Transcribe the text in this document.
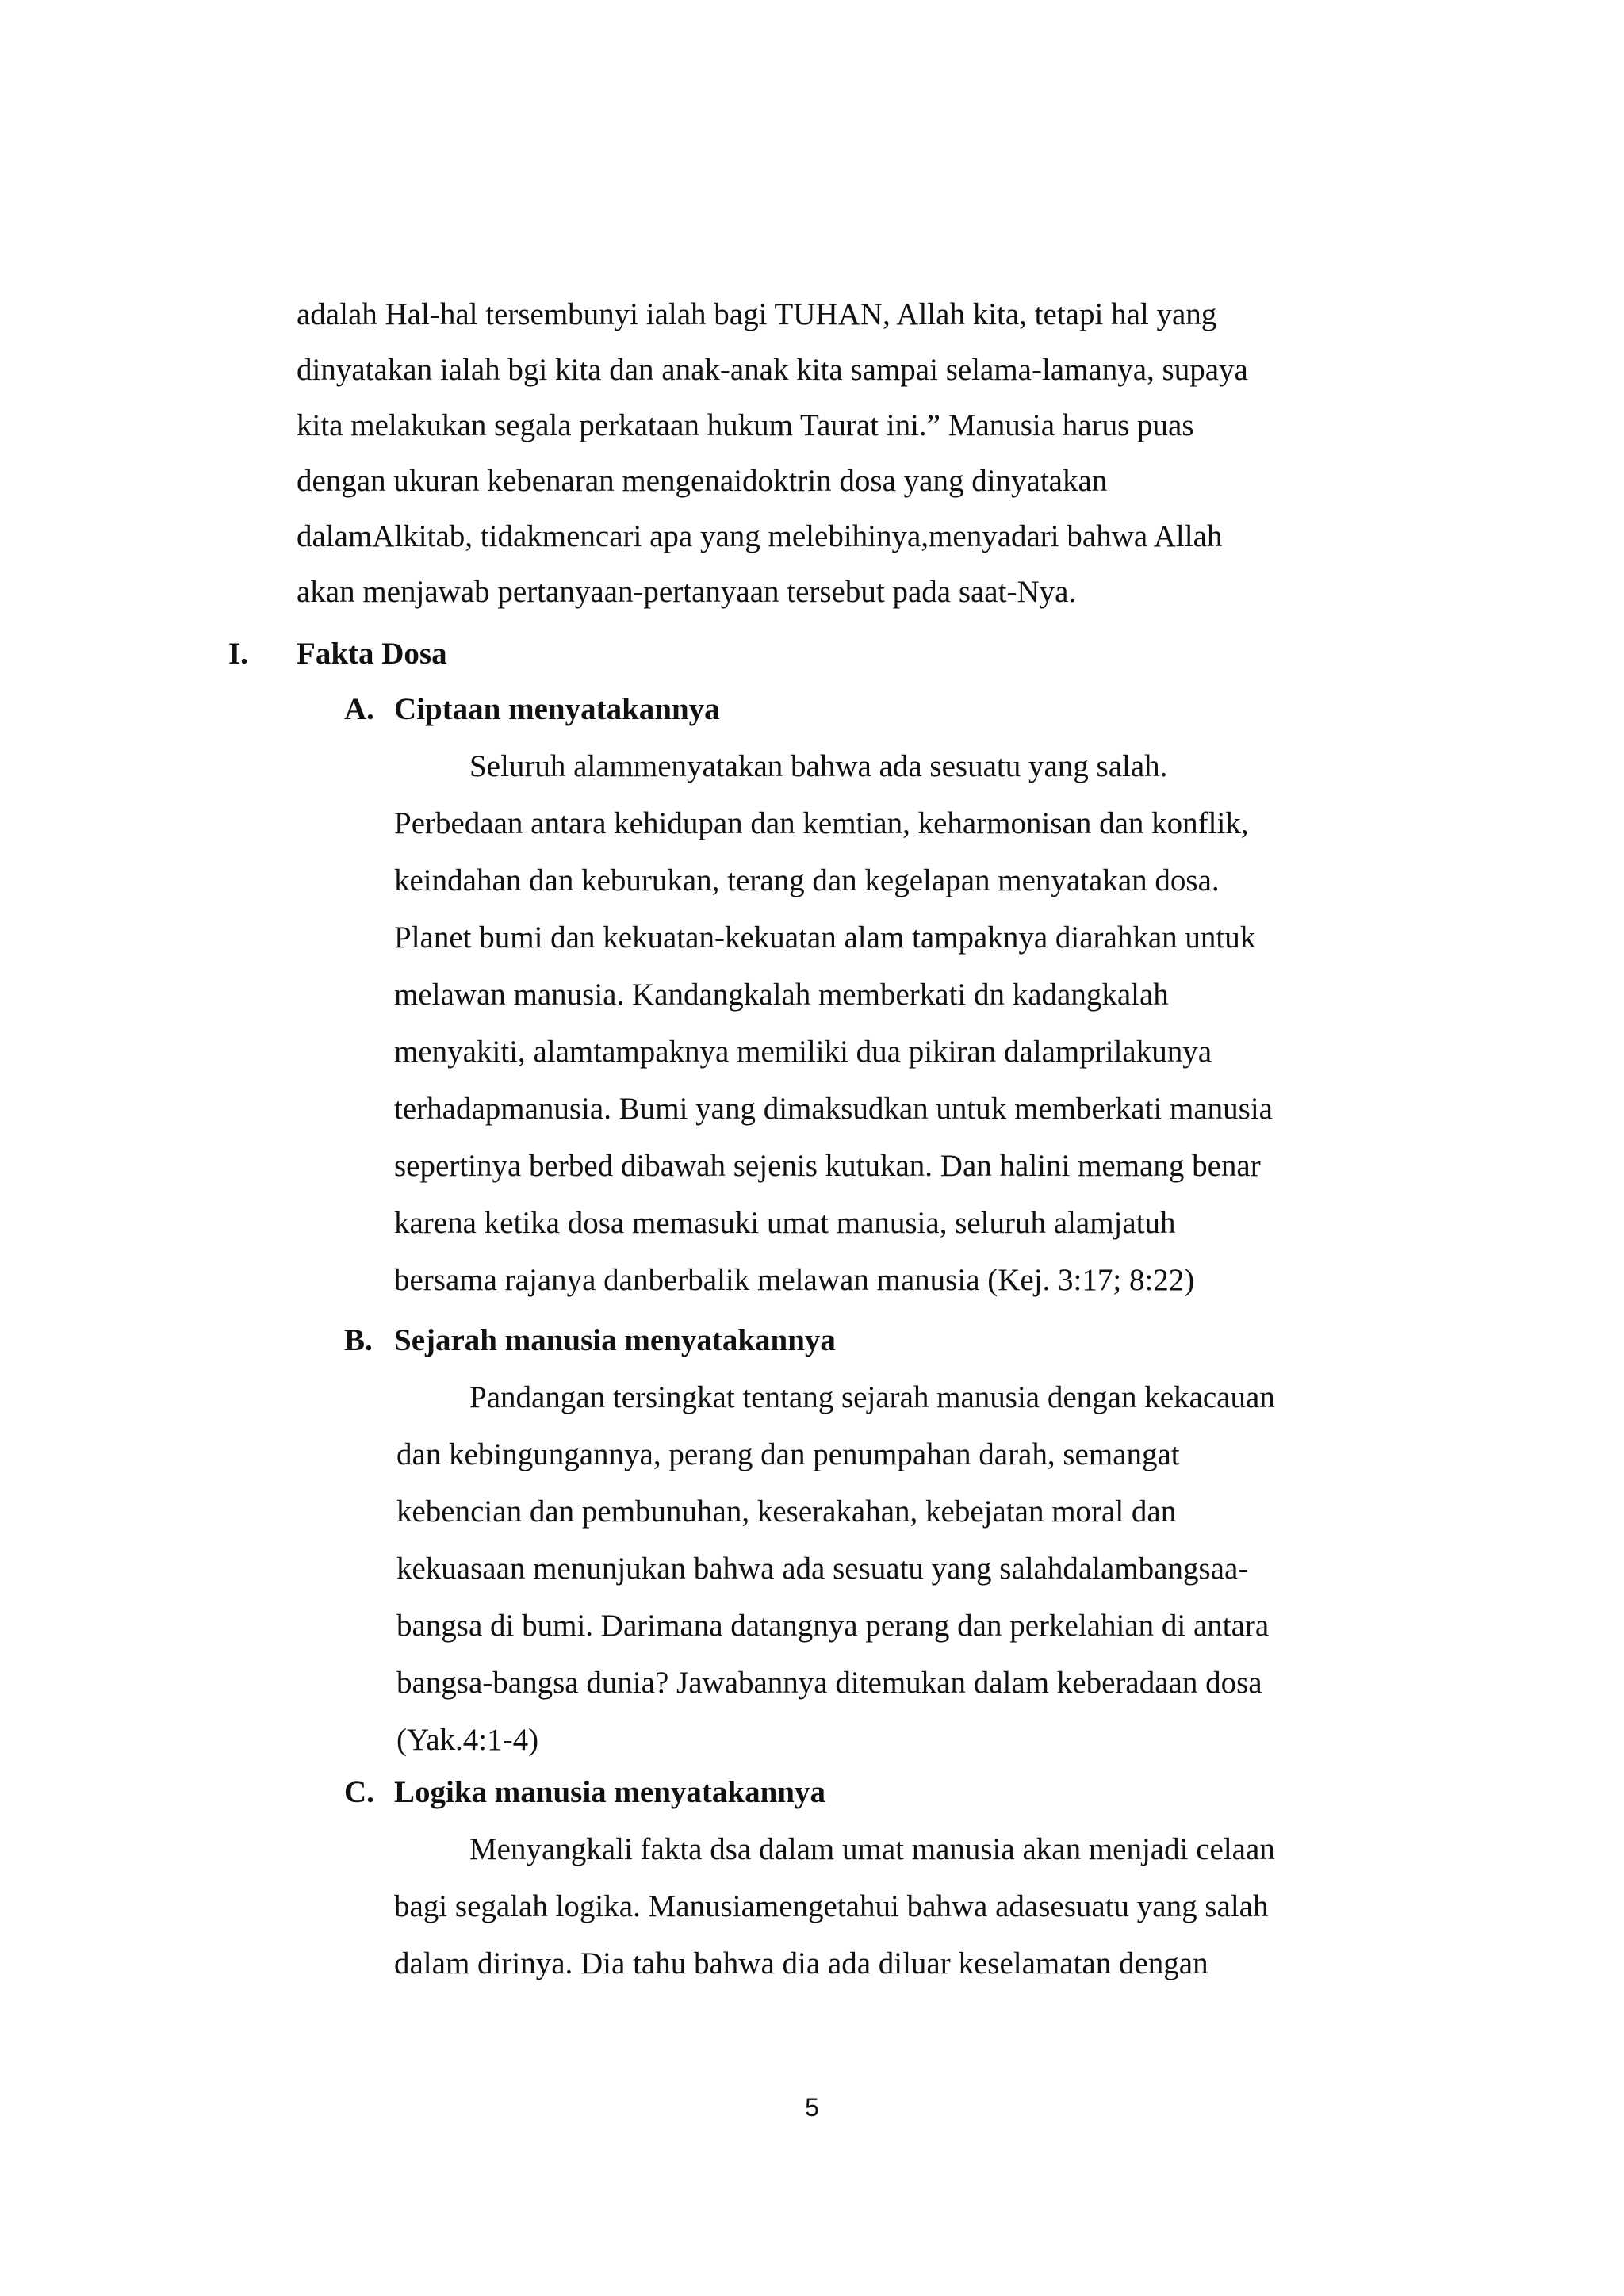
adalah Hal-hal tersembunyi ialah bagi TUHAN, Allah kita, tetapi hal yang

dinyatakan ialah bgi kita dan anak-anak kita sampai selama-lamanya, supaya

kita melakukan segala perkataan hukum Taurat ini.” Manusia harus puas

dengan ukuran kebenaran mengenaidoktrin dosa yang dinyatakan

dalamAlkitab, tidakmencari apa yang melebihinya,menyadari bahwa Allah

akan menjawab pertanyaan-pertanyaan tersebut pada saat-Nya.

I. Fakta Dosa
A. Ciptaan menyatakannya

Seluruh alammenyatakan bahwa ada sesuatu yang salah.

Perbedaan antara kehidupan dan kemtian, keharmonisan dan konflik,

keindahan dan keburukan, terang dan kegelapan menyatakan dosa.

Planet bumi dan kekuatan-kekuatan alam tampaknya diarahkan untuk

melawan manusia. Kandangkalah memberkati dn kadangkalah

menyakiti, alamtampaknya memiliki dua pikiran dalamprilakunya

terhadapmanusia. Bumi yang dimaksudkan untuk memberkati manusia

sepertinya berbed dibawah sejenis kutukan. Dan halini memang benar

karena ketika dosa memasuki umat manusia, seluruh alamjatuh

bersama rajanya danberbalik melawan manusia (Kej. 3:17; 8:22)

B. Sejarah manusia menyatakannya

Pandangan tersingkat tentang sejarah manusia dengan kekacauan

dan kebingungannya, perang dan penumpahan darah, semangat

kebencian dan pembunuhan, keserakahan, kebejatan moral dan

kekuasaan menunjukan bahwa ada sesuatu yang salahdalambangsaa-

bangsa di bumi. Darimana datangnya perang dan perkelahian di antara

bangsa-bangsa dunia? Jawabannya ditemukan dalam keberadaan dosa

(Yak.4:1-4)

C. Logika manusia menyatakannya

Menyangkali fakta dsa dalam umat manusia akan menjadi celaan

bagi segalah logika. Manusiamengetahui bahwa adasesuatu yang salah

dalam dirinya. Dia tahu bahwa dia ada diluar keselamatan dengan

5
